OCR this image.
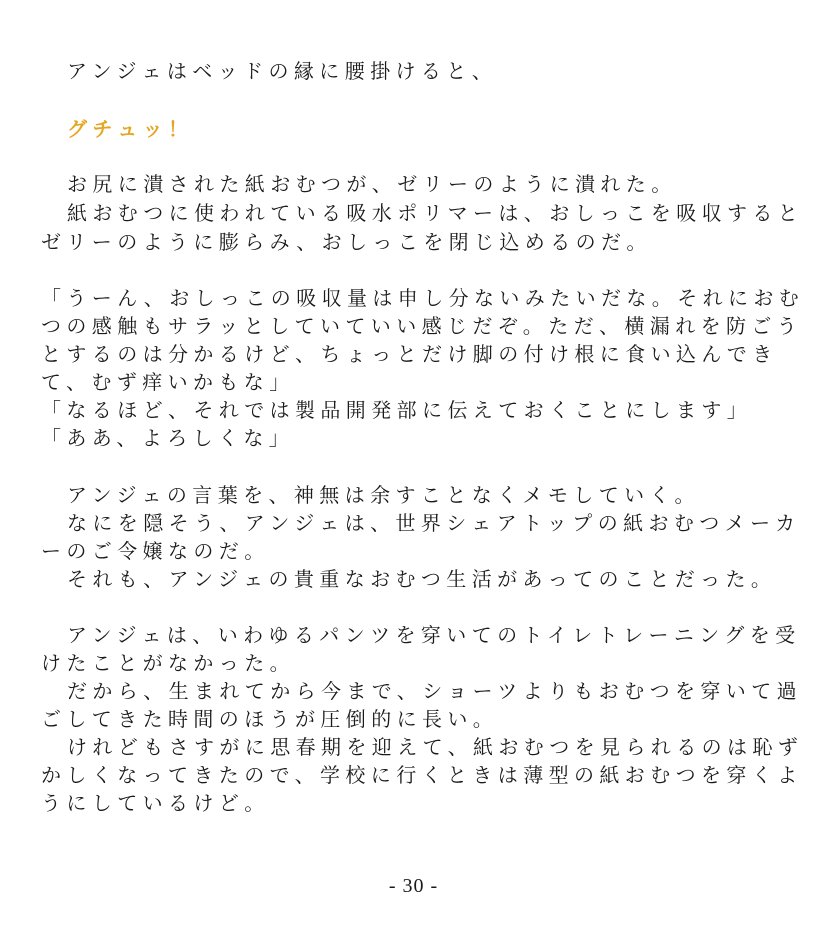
アンジェはベッドの縁に腰掛けると、
グチュッ！
お尻に潰された紙おむつが、ゼリーのように潰れた。
紙おむつに使われている吸水ポリマーは、おしっこを吸収すると
ゼリーのように膨らみ、おしっこを閉じ込めるのだ。
「うーん、おしっこの吸収量は申し分ないみたいだな。それにおむ
つの感触もサラッとしていていい感じだぞ。ただ、横漏れを防ごう
とするのは分かるけど、ちょっとだけ脚の付け根に食い込んでき
て、むず痒いかもな」
「なるほど、それでは製品開発部に伝えておくことにします」
「ああ、よろしくな」
アンジェの言葉を、神無は余すことなくメモしていく。
なにを隠そう、アンジェは、世界シェアトップの紙おむつメーカ
ーのご令嬢なのだ。
それも、アンジェの貴重なおむつ生活があってのことだった。
アンジェは、いわゆるパンツを穿いてのトイレトレーニングを受
けたことがなかった。
だから、生まれてから今まで、ショーツよりもおむつを穿いて過
ごしてきた時間のほうが圧倒的に長い。
けれどもさすがに思春期を迎えて、紙おむつを見られるのは恥ず
かしくなってきたので、学校に行くときは薄型の紙おむつを穿くよ
うにしているけど。
- 30 -
